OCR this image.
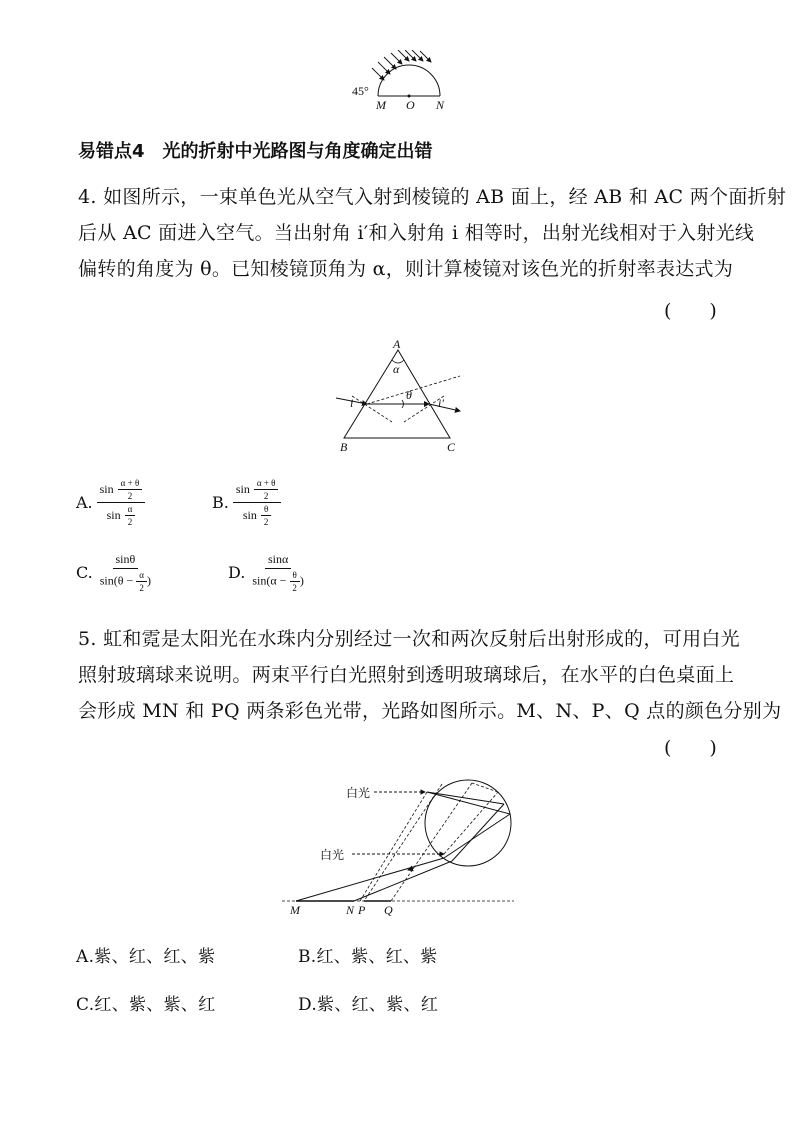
45°
M O N
易错点4　光的折射中光路图与角度确定出错
4. 如图所示，一束单色光从空气入射到棱镜的 AB 面上，经 AB 和 AC 两个面折射
后从 AC 面进入空气。当出射角 i′和入射角 i 相等时，出射光线相对于入射光线
偏转的角度为 θ。已知棱镜顶角为 α，则计算棱镜对该色光的折射率表达式为
(　　)
A
α
θ
i	i′
B	C
A. $\frac{\sin \frac{\alpha + \theta}{2}}{\sin \frac{\alpha}{2}}$	B. $\frac{\sin \frac{\alpha + \theta}{2}}{\sin \frac{\theta}{2}}$
C. $\frac{\sin\theta}{\sin(\theta - \frac{\alpha}{2} )}$	D. $\frac{\sin\alpha}{\sin(\alpha - \frac{\theta}{2} )}$
5. 虹和霓是太阳光在水珠内分别经过一次和两次反射后出射形成的，可用白光
照射玻璃球来说明。两束平行白光照射到透明玻璃球后，在水平的白色桌面上
会形成 MN 和 PQ 两条彩色光带，光路如图所示。M、N、P、Q 点的颜色分别为
(　　)
白光
白光
M	N P Q
A.紫、红、红、紫	B.红、紫、红、紫
C.红、紫、紫、红	D.紫、红、紫、红
